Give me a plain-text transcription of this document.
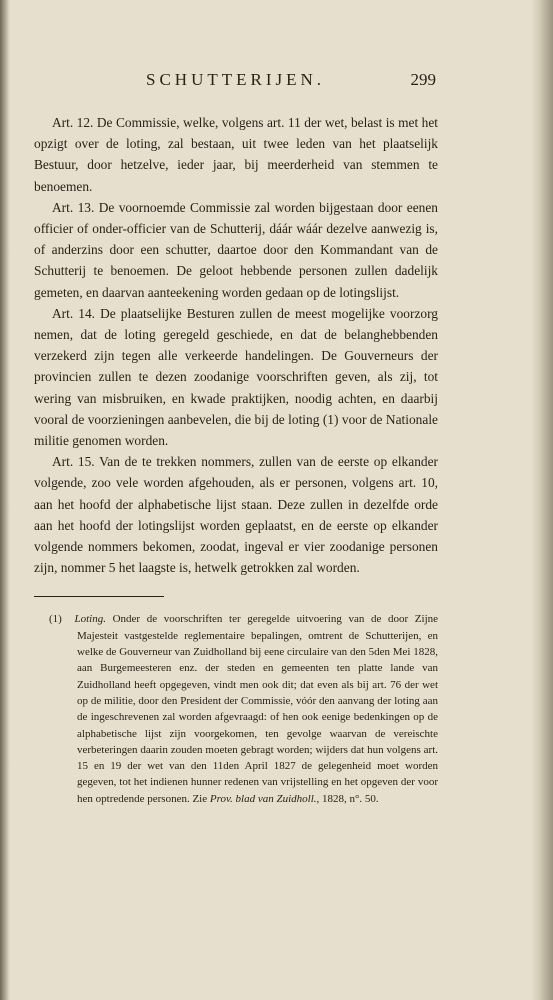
SCHUTTERIJEN.	299

Art. 12. De Commissie, welke, volgens art. 11 der wet, belast is met het opzigt over de loting, zal bestaan, uit twee leden van het plaatselijk Bestuur, door hetzelve, ieder jaar, bij meerderheid van stemmen te benoemen.

Art. 13. De voornoemde Commissie zal worden bijgestaan door eenen officier of onder-officier van de Schutterij, dáár wáár dezelve aanwezig is, of anderzins door een schutter, daartoe door den Kommandant van de Schutterij te benoemen. De geloot hebbende personen zullen dadelijk gemeten, en daarvan aanteekening worden gedaan op de lotingslijst.

Art. 14. De plaatselijke Besturen zullen de meest mogelijke voorzorg nemen, dat de loting geregeld geschiede, en dat de belanghebbenden verzekerd zijn tegen alle verkeerde handelingen. De Gouverneurs der provincien zullen te dezen zoodanige voorschriften geven, als zij, tot wering van misbruiken, en kwade praktijken, noodig achten, en daarbij vooral de voorzieningen aanbevelen, die bij de loting (1) voor de Nationale militie genomen worden.

Art. 15. Van de te trekken nommers, zullen van de eerste op elkander volgende, zoo vele worden afgehouden, als er personen, volgens art. 10, aan het hoofd der alphabetische lijst staan. Deze zullen in dezelfde orde aan het hoofd der lotingslijst worden geplaatst, en de eerste op elkander volgende nommers bekomen, zoodat, ingeval er vier zoodanige personen zijn, nommer 5 het laagste is, hetwelk getrokken zal worden.

(1) Loting. Onder de voorschriften ter geregelde uitvoering van de door Zijne Majesteit vastgestelde reglementaire bepalingen, omtrent de Schutterijen, en welke de Gouverneur van Zuidholland bij eene circulaire van den 5den Mei 1828, aan Burgemeesteren enz. der steden en gemeenten ten platte lande van Zuidholland heeft opgegeven, vindt men ook dit; dat even als bij art. 76 der wet op de militie, door den President der Commissie, vóór den aanvang der loting aan de ingeschrevenen zal worden afgevraagd: of hen ook eenige bedenkingen op de alphabetische lijst zijn voorgekomen, ten gevolge waarvan de vereischte verbeteringen daarin zouden moeten gebragt worden; wijders dat hun volgens art. 15 en 19 der wet van den 11den April 1827 de gelegenheid moet worden gegeven, tot het indienen hunner redenen van vrijstelling en het opgeven der voor hen optredende personen. Zie Prov. blad van Zuidholl., 1828, n°. 50.
